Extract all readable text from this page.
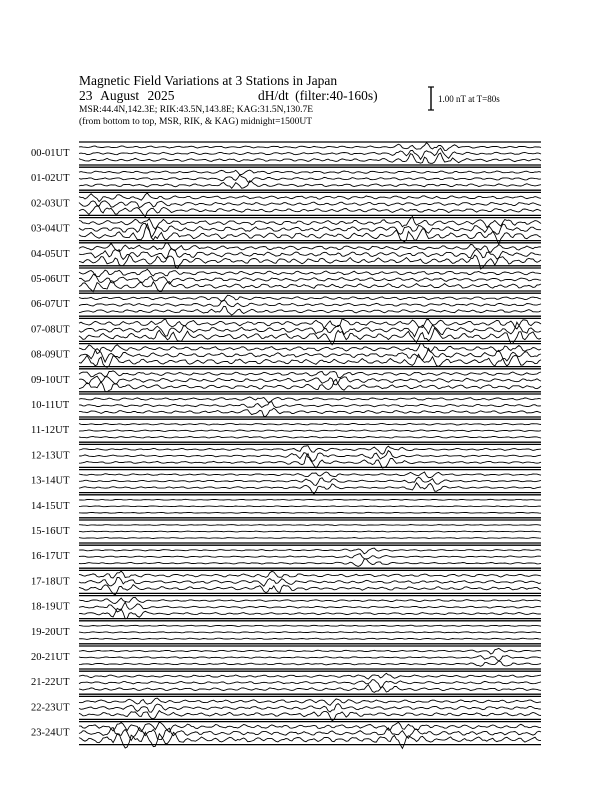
Magnetic Field Variations at 3 Stations in Japan
23 August 2025	dH/dt (filter:40-160s)
MSR:44.4N,142.3E; RIK:43.5N,143.8E; KAG:31.5N,130.7E
(from bottom to top, MSR, RIK, & KAG) midnight=1500UT
1.00 nT at T=80s
00-01UT
01-02UT
02-03UT
03-04UT
04-05UT
05-06UT
06-07UT
07-08UT
08-09UT
09-10UT
10-11UT
11-12UT
12-13UT
13-14UT
14-15UT
15-16UT
16-17UT
17-18UT
18-19UT
19-20UT
20-21UT
21-22UT
22-23UT
23-24UT
